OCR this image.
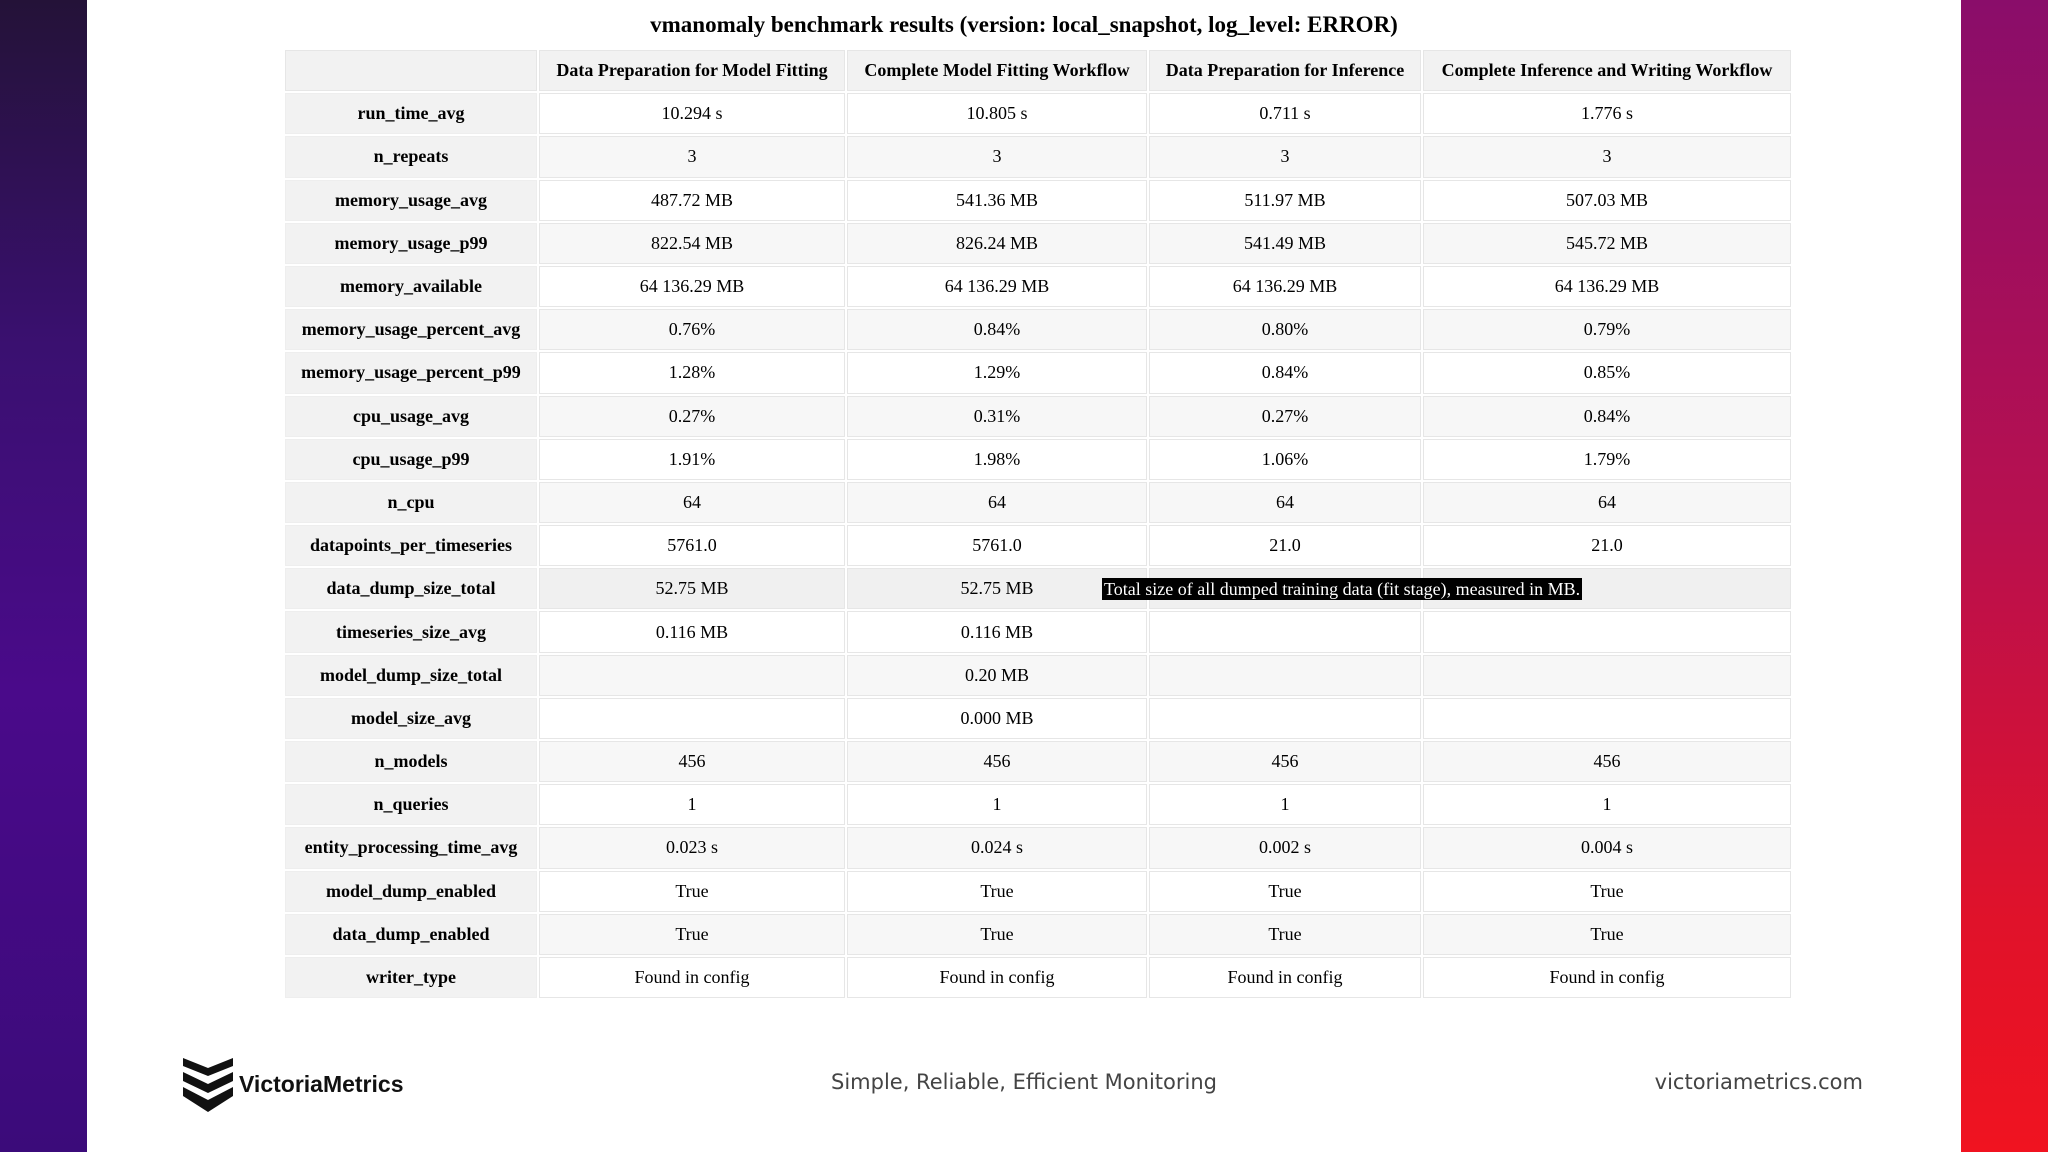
vmanomaly benchmark results (version: local_snapshot, log_level: ERROR)
	Data Preparation for Model Fitting	Complete Model Fitting Workflow	Data Preparation for Inference	Complete Inference and Writing Workflow
run_time_avg	10.294 s	10.805 s	0.711 s	1.776 s
n_repeats	3	3	3	3
memory_usage_avg	487.72 MB	541.36 MB	511.97 MB	507.03 MB
memory_usage_p99	822.54 MB	826.24 MB	541.49 MB	545.72 MB
memory_available	64 136.29 MB	64 136.29 MB	64 136.29 MB	64 136.29 MB
memory_usage_percent_avg	0.76%	0.84%	0.80%	0.79%
memory_usage_percent_p99	1.28%	1.29%	0.84%	0.85%
cpu_usage_avg	0.27%	0.31%	0.27%	0.84%
cpu_usage_p99	1.91%	1.98%	1.06%	1.79%
n_cpu	64	64	64	64
datapoints_per_timeseries	5761.0	5761.0	21.0	21.0
data_dump_size_total	52.75 MB	52.75 MB		
timeseries_size_avg	0.116 MB	0.116 MB		
model_dump_size_total		0.20 MB		
model_size_avg		0.000 MB		
n_models	456	456	456	456
n_queries	1	1	1	1
entity_processing_time_avg	0.023 s	0.024 s	0.002 s	0.004 s
model_dump_enabled	True	True	True	True
data_dump_enabled	True	True	True	True
writer_type	Found in config	Found in config	Found in config	Found in config
Total size of all dumped training data (fit stage), measured in MB.
VictoriaMetrics	Simple, Reliable, Efficient Monitoring	victoriametrics.com
